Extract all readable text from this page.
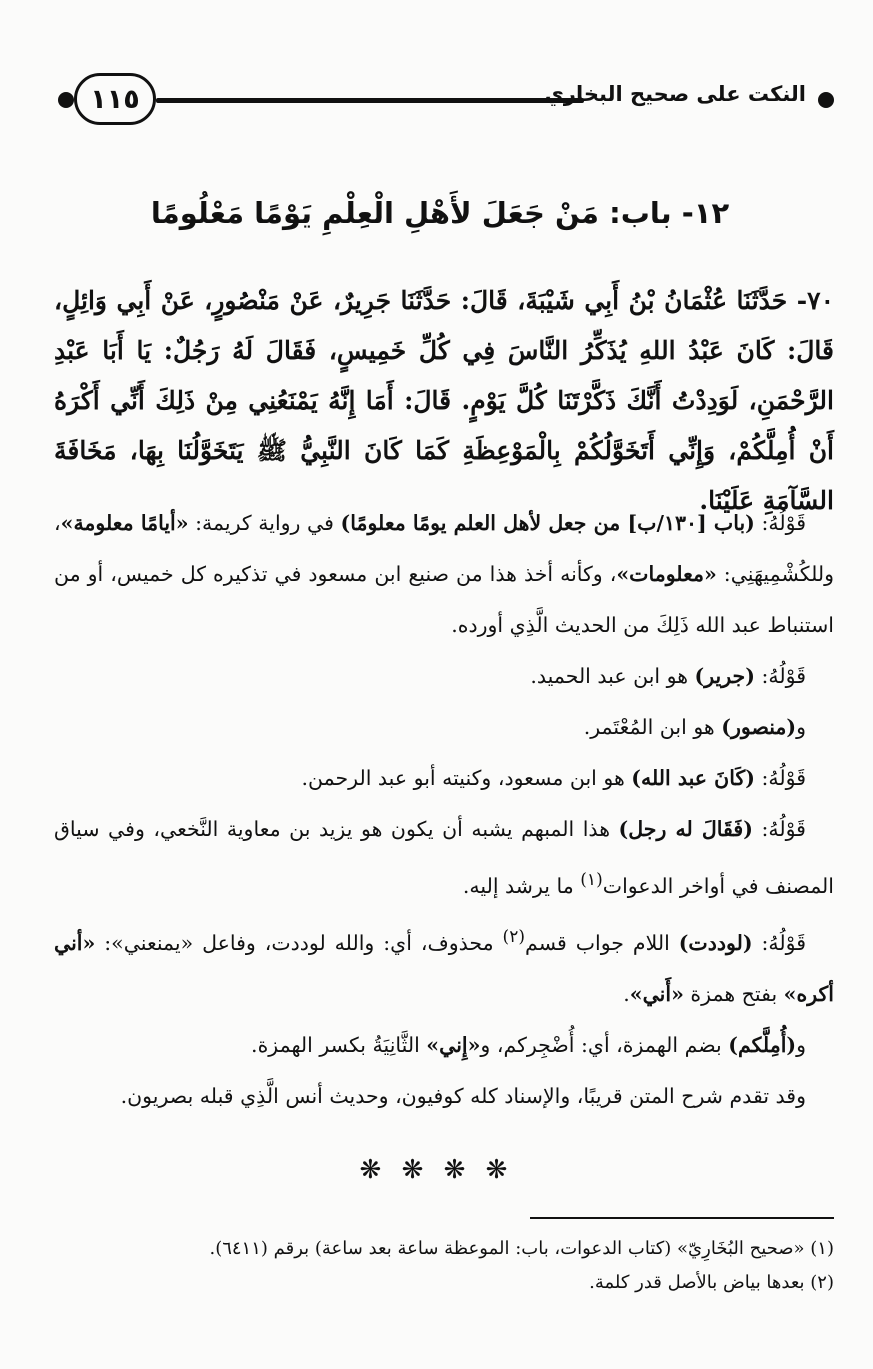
١١٥	النكت على صحيح البخاري
١٢- باب: مَنْ جَعَلَ لأَهْلِ الْعِلْمِ يَوْمًا مَعْلُومًا
٧٠- حَدَّثَنَا عُثْمَانُ بْنُ أَبِي شَيْبَةَ، قَالَ: حَدَّثَنَا جَرِيرٌ، عَنْ مَنْصُورٍ، عَنْ أَبِي وَائِلٍ، قَالَ: كَانَ عَبْدُ اللهِ يُذَكِّرُ النَّاسَ فِي كُلِّ خَمِيسٍ، فَقَالَ لَهُ رَجُلٌ: يَا أَبَا عَبْدِ الرَّحْمَنِ، لَوَدِدْتُ أَنَّكَ ذَكَّرْتَنَا كُلَّ يَوْمٍ. قَالَ: أَمَا إِنَّهُ يَمْنَعُنِي مِنْ ذَلِكَ أَنِّي أَكْرَهُ أَنْ أُمِلَّكُمْ، وَإِنِّي أَتَخَوَّلُكُمْ بِالْمَوْعِظَةِ كَمَا كَانَ النَّبِيُّ ﷺ يَتَخَوَّلُنَا بِهَا، مَخَافَةَ السَّآمَةِ عَلَيْنَا.

قَوْلُهُ: (باب [١٣٠/ب] من جعل لأهل العلم يومًا معلومًا) في رواية كريمة: «أيامًا معلومة»، وللكُشْمِيهَنِي: «معلومات»، وكأنه أخذ هذا من صنيع ابن مسعود في تذكيره كل خميس، أو من استنباط عبد الله ذَلِكَ من الحديث الَّذِي أورده.

قَوْلُهُ: (جرير) هو ابن عبد الحميد.

و(منصور) هو ابن المُعْتَمر.

قَوْلُهُ: (كَانَ عبد الله) هو ابن مسعود، وكنيته أبو عبد الرحمن.

قَوْلُهُ: (فَقَالَ له رجل) هذا المبهم يشبه أن يكون هو يزيد بن معاوية النَّخعي، وفي سياق المصنف في أواخر الدعوات$^{(١)}$ ما يرشد إليه.

قَوْلُهُ: (لوددت) اللام جواب قسم$^{(٢)}$ محذوف، أي: والله لوددت، وفاعل «يمنعني»: «أني أكره» بفتح همزة «أَني».

و(أُمِلَّكم) بضم الهمزة، أي: أُضْجِركم، و«إِني» الثَّانِيَةُ بكسر الهمزة.

وقد تقدم شرح المتن قريبًا، والإسناد كله كوفيون، وحديث أنس الَّذِي قبله بصريون.

❋ ❋ ❋ ❋

(١) «صحيح البُخَارِيّ» (كتاب الدعوات، باب: الموعظة ساعة بعد ساعة) برقم (٦٤١١).

(٢) بعدها بياض بالأصل قدر كلمة.
